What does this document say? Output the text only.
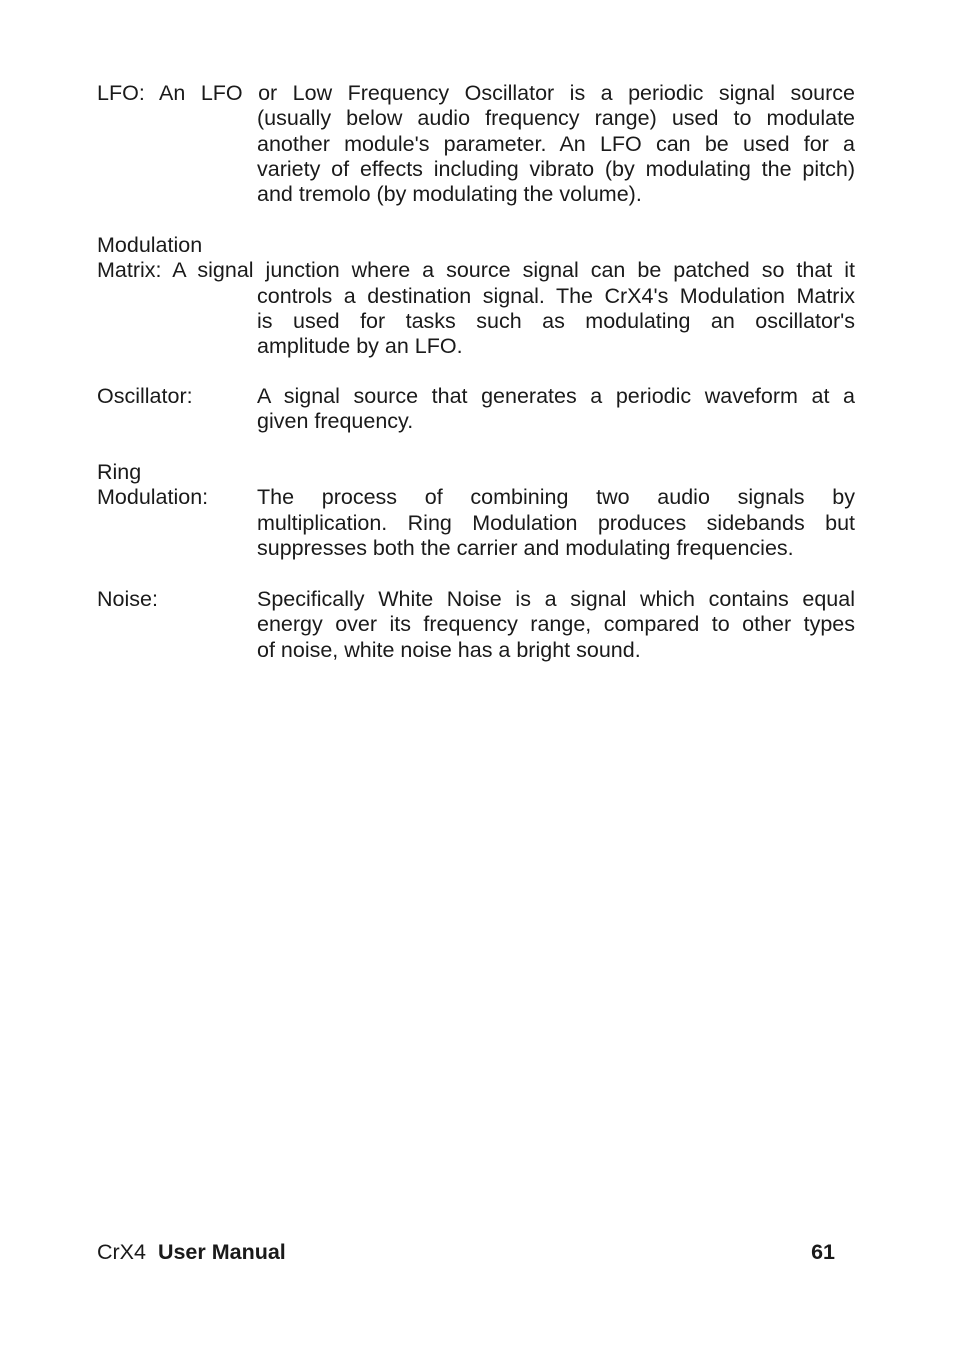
LFO: An LFO or Low Frequency Oscillator is a periodic signal source
(usually below audio frequency range) used to modulate
another module's parameter. An LFO can be used for a
variety of effects including vibrato (by modulating the pitch)
and tremolo (by modulating the volume).
Modulation
Matrix: A signal junction where a source signal can be patched so that it
controls a destination signal. The CrX4's Modulation Matrix
is used for tasks such as modulating an oscillator's
amplitude by an LFO.
Oscillator:	A signal source that generates a periodic waveform at a
given frequency.
Ring
Modulation:	The process of combining two audio signals by
multiplication. Ring Modulation produces sidebands but
suppresses both the carrier and modulating frequencies.
Noise:	Specifically White Noise is a signal which contains equal
energy over its frequency range, compared to other types
of noise, white noise has a bright sound.
CrX4 User Manual	61
